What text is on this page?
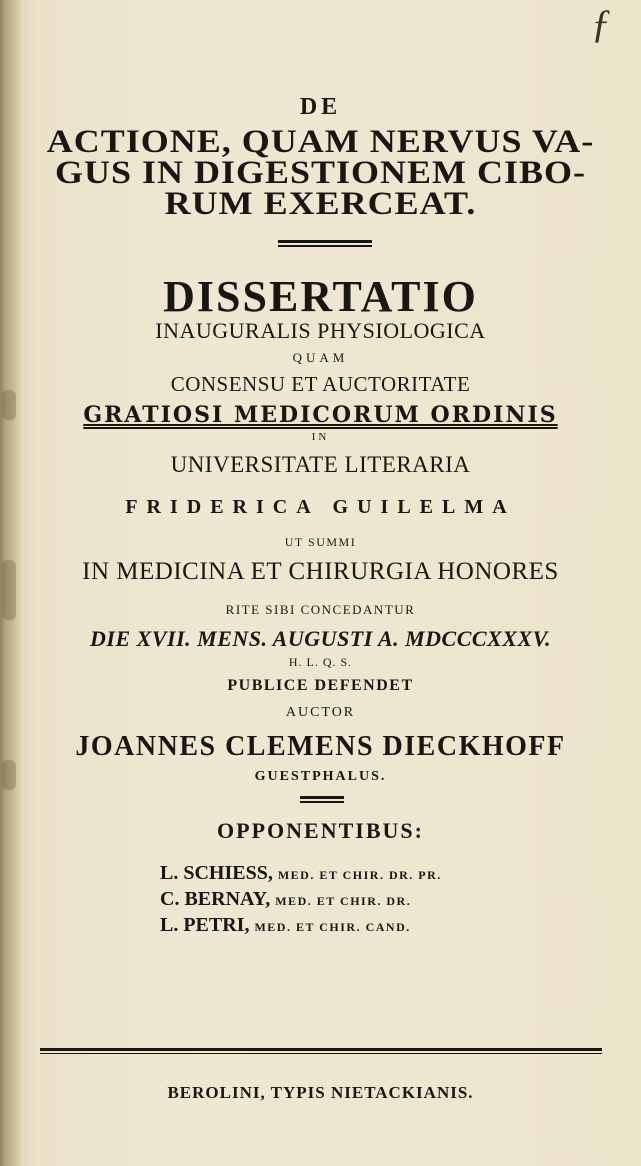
ƒ
DE
ACTIONE, QUAM NERVUS VA-
GUS IN DIGESTIONEM CIBO-
RUM EXERCEAT.
DISSERTATIO
INAUGURALIS PHYSIOLOGICA
QUAM
CONSENSU ET AUCTORITATE
GRATIOSI MEDICORUM ORDINIS
IN
UNIVERSITATE LITERARIA
FRIDERICA GUILELMA
UT SUMMI
IN MEDICINA ET CHIRURGIA HONORES
RITE SIBI CONCEDANTUR
DIE XVII. MENS. AUGUSTI A. MDCCCXXXV.
H. L. Q. S.
PUBLICE DEFENDET
AUCTOR
JOANNES CLEMENS DIECKHOFF
GUESTPHALUS.
OPPONENTIBUS:
L. SCHIESS, MED. ET CHIR. DR. PR.
C. BERNAY, MED. ET CHIR. DR.
L. PETRI, MED. ET CHIR. CAND.
BEROLINI, TYPIS NIETACKIANIS.
